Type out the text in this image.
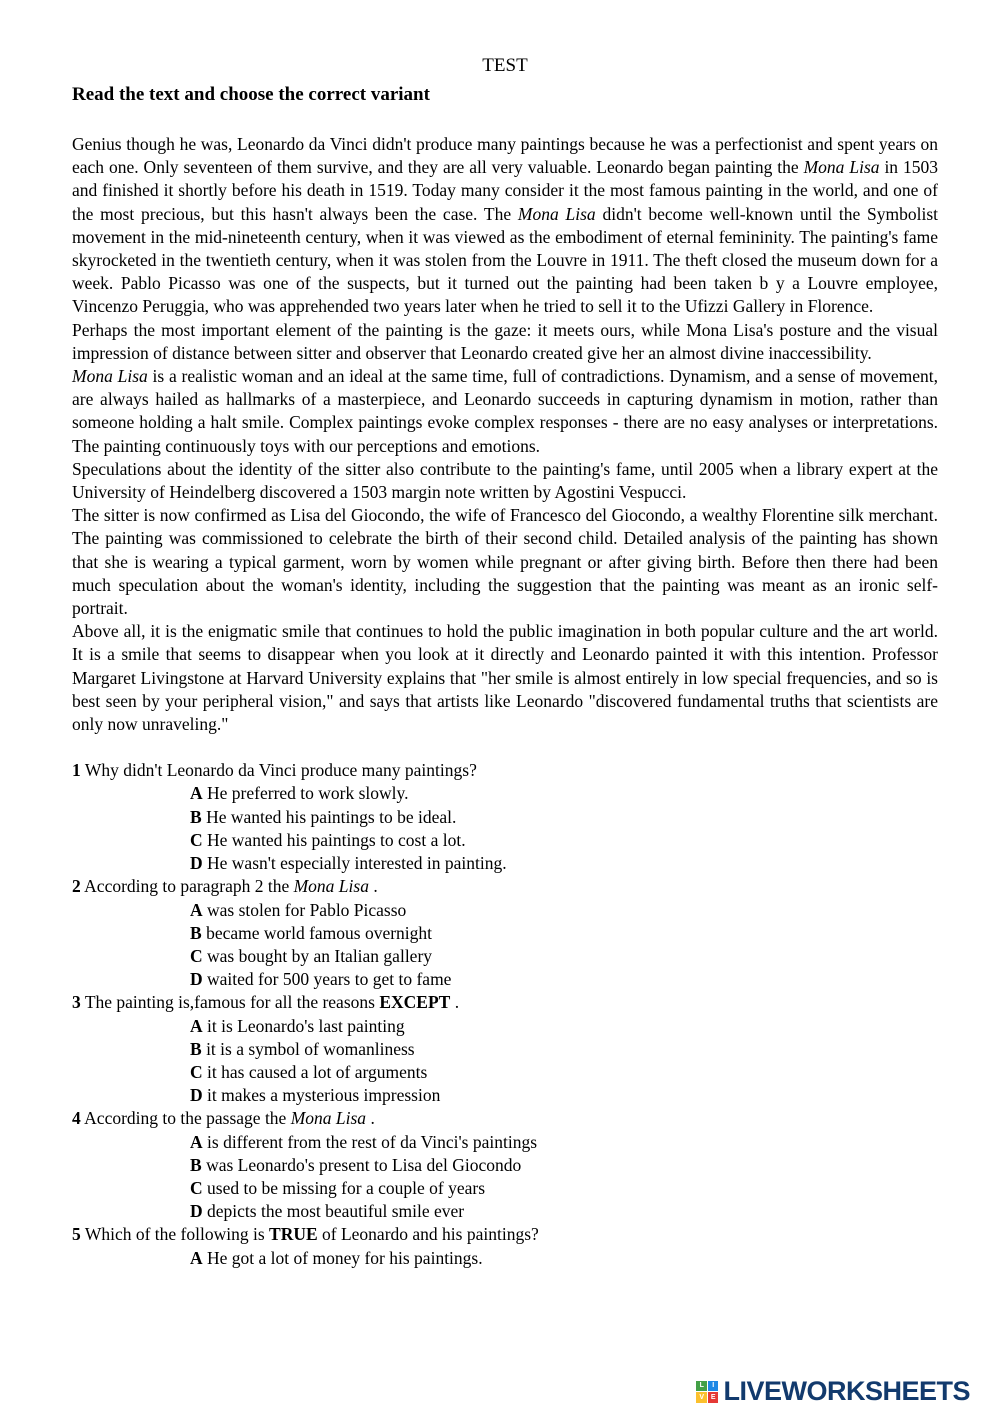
TEST
Read the text and choose the correct variant

Genius though he was, Leonardo da Vinci didn't produce many paintings because he was a perfectionist and spent years on each one. Only seventeen of them survive, and they are all very valuable. Leonardo began painting the Mona Lisa in 1503 and finished it shortly before his death in 1519. Today many consider it the most famous painting in the world, and one of the most precious, but this hasn't always been the case. The Mona Lisa didn't become well-known until the Symbolist movement in the mid-nineteenth century, when it was viewed as the embodiment of eternal femininity. The painting's fame skyrocketed in the twentieth century, when it was stolen from the Louvre in 1911. The theft closed the museum down for a week. Pablo Picasso was one of the suspects, but it turned out the painting had been taken b y a Louvre employee, Vincenzo Peruggia, who was apprehended two years later when he tried to sell it to the Ufizzi Gallery in Florence.

Perhaps the most important element of the painting is the gaze: it meets ours, while Mona Lisa's posture and the visual impression of distance between sitter and observer that Leonardo created give her an almost divine inaccessibility.

Mona Lisa is a realistic woman and an ideal at the same time, full of contradictions. Dynamism, and a sense of movement, are always hailed as hallmarks of a masterpiece, and Leonardo succeeds in capturing dynamism in motion, rather than someone holding a halt smile. Complex paintings evoke complex responses - there are no easy analyses or interpretations. The painting continuously toys with our perceptions and emotions.

Speculations about the identity of the sitter also contribute to the painting's fame, until 2005 when a library expert at the University of Heindelberg discovered a 1503 margin note written by Agostini Vespucci.

The sitter is now confirmed as Lisa del Giocondo, the wife of Francesco del Giocondo, a wealthy Florentine silk merchant. The painting was commissioned to celebrate the birth of their second child. Detailed analysis of the painting has shown that she is wearing a typical garment, worn by women while pregnant or after giving birth. Before then there had been much speculation about the woman's identity, including the suggestion that the painting was meant as an ironic self-portrait.

Above all, it is the enigmatic smile that continues to hold the public imagination in both popular culture and the art world. It is a smile that seems to disappear when you look at it directly and Leonardo painted it with this intention. Professor Margaret Livingstone at Harvard University explains that "her smile is almost entirely in low special frequencies, and so is best seen by your peripheral vision," and says that artists like Leonardo "discovered fundamental truths that scientists are only now unraveling."

1 Why didn't Leonardo da Vinci produce many paintings?
A He preferred to work slowly.
B He wanted his paintings to be ideal.
C He wanted his paintings to cost a lot.
D He wasn't especially interested in painting.
2 According to paragraph 2 the Mona Lisa .
A was stolen for Pablo Picasso
B became world famous overnight
C was bought by an Italian gallery
D waited for 500 years to get to fame
3 The painting is,famous for all the reasons EXCEPT .
A it is Leonardo's last painting
B it is a symbol of womanliness
C it has caused a lot of arguments
D it makes a mysterious impression
4 According to the passage the Mona Lisa .
A is different from the rest of da Vinci's paintings
B was Leonardo's present to Lisa del Giocondo
C used to be missing for a couple of years
D depicts the most beautiful smile ever
5 Which of the following is TRUE of Leonardo and his paintings?
A He got a lot of money for his paintings.
L	I
V E LIVEWORKSHEETS
